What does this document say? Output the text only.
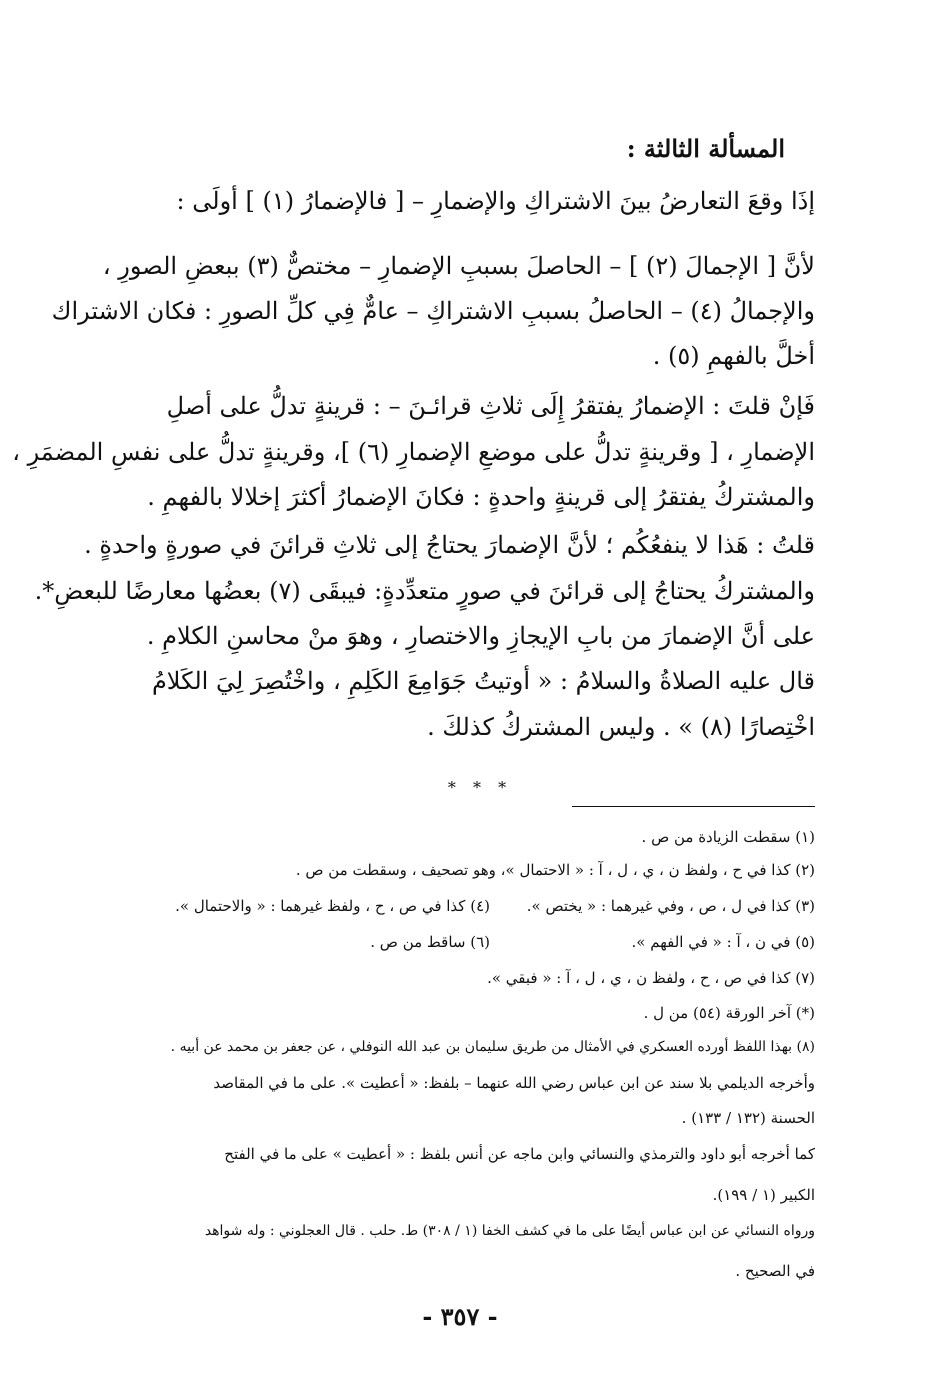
المسألة الثالثة :
إذَا وقعَ التعارضُ بينَ الاشتراكِ والإضمارِ – [ فالإضمارُ (١) ] أولَى :
لأنَّ [ الإجمالَ (٢) ] – الحاصلَ بسببِ الإضمارِ – مختصٌّ (٣) ببعضِ الصورِ ،
والإجمالُ (٤) – الحاصلُ بسببِ الاشتراكِ – عامٌّ فِي كلِّ الصورِ : فكان الاشتراك
أخلَّ بالفهمِ (٥) .
فَإنْ قلتَ : الإضمارُ يفتقرُ إِلَى ثلاثِ قرائـنَ – : قرينةٍ تدلُّ على أصلِ
الإضمارِ ، [ وقرينةٍ تدلُّ على موضعِ الإضمارِ (٦) ]، وقرينةٍ تدلُّ على نفسِ المضمَرِ ،
والمشتركُ يفتقرُ إلى قرينةٍ واحدةٍ : فكانَ الإضمارُ أكثرَ إخلالا بالفهمِ .
قلتُ : هَذا لا ينفعُكُم ؛ لأنَّ الإضمارَ يحتاجُ إلى ثلاثِ قرائنَ في صورةٍ واحدةٍ .
والمشتركُ يحتاجُ إلى قرائنَ في صورٍ متعدِّدةٍ: فيبقَى (٧) بعضُها معارضًا للبعضِ*.
على أنَّ الإضمارَ من بابِ الإيجازِ والاختصارِ ، وهوَ منْ محاسنِ الكلامِ .
قال عليه الصلاةُ والسلامُ : « أوتيتُ جَوَامِعَ الكَلِمِ ، واخْتُصِرَ لِيَ الكَلامُ
اخْتِصارًا (٨) » . وليس المشتركُ كذلكَ .
* * *
(١) سقطت الزيادة من ص .
(٢) كذا في ح ، ولفظ ن ، ي ، ل ، آ : « الاحتمال »، وهو تصحيف ، وسقطت من ص .
(٣) كذا في ل ، ص ، وفي غيرهما : « يختص ».
(٤) كذا في ص ، ح ، ولفظ غيرهما : « والاحتمال ».
(٥) في ن ، آ : « في الفهم ».
(٦) ساقط من ص .
(٧) كذا في ص ، ح ، ولفظ ن ، ي ، ل ، آ : « فبقي ».
(*) آخر الورقة (٥٤) من ل .
(٨) بهذا اللفظ أورده العسكري في الأمثال من طريق سليمان بن عبد الله النوفلي ، عن جعفر بن محمد عن أبيه .
وأخرجه الديلمي بلا سند عن ابن عباس رضي الله عنهما – بلفظ: « أعطيت ». على ما في المقاصد
الحسنة (١٣٢ / ١٣٣) .
كما أخرجه أبو داود والترمذي والنسائي وابن ماجه عن أنس بلفظ : « أعطيت » على ما في الفتح
الكبير (١ / ١٩٩).
ورواه النسائي عن ابن عباس أيضًا على ما في كشف الخفا (١ / ٣٠٨) ط. حلب . قال العجلوني : وله شواهد
في الصحيح .
- ٣٥٧ -
